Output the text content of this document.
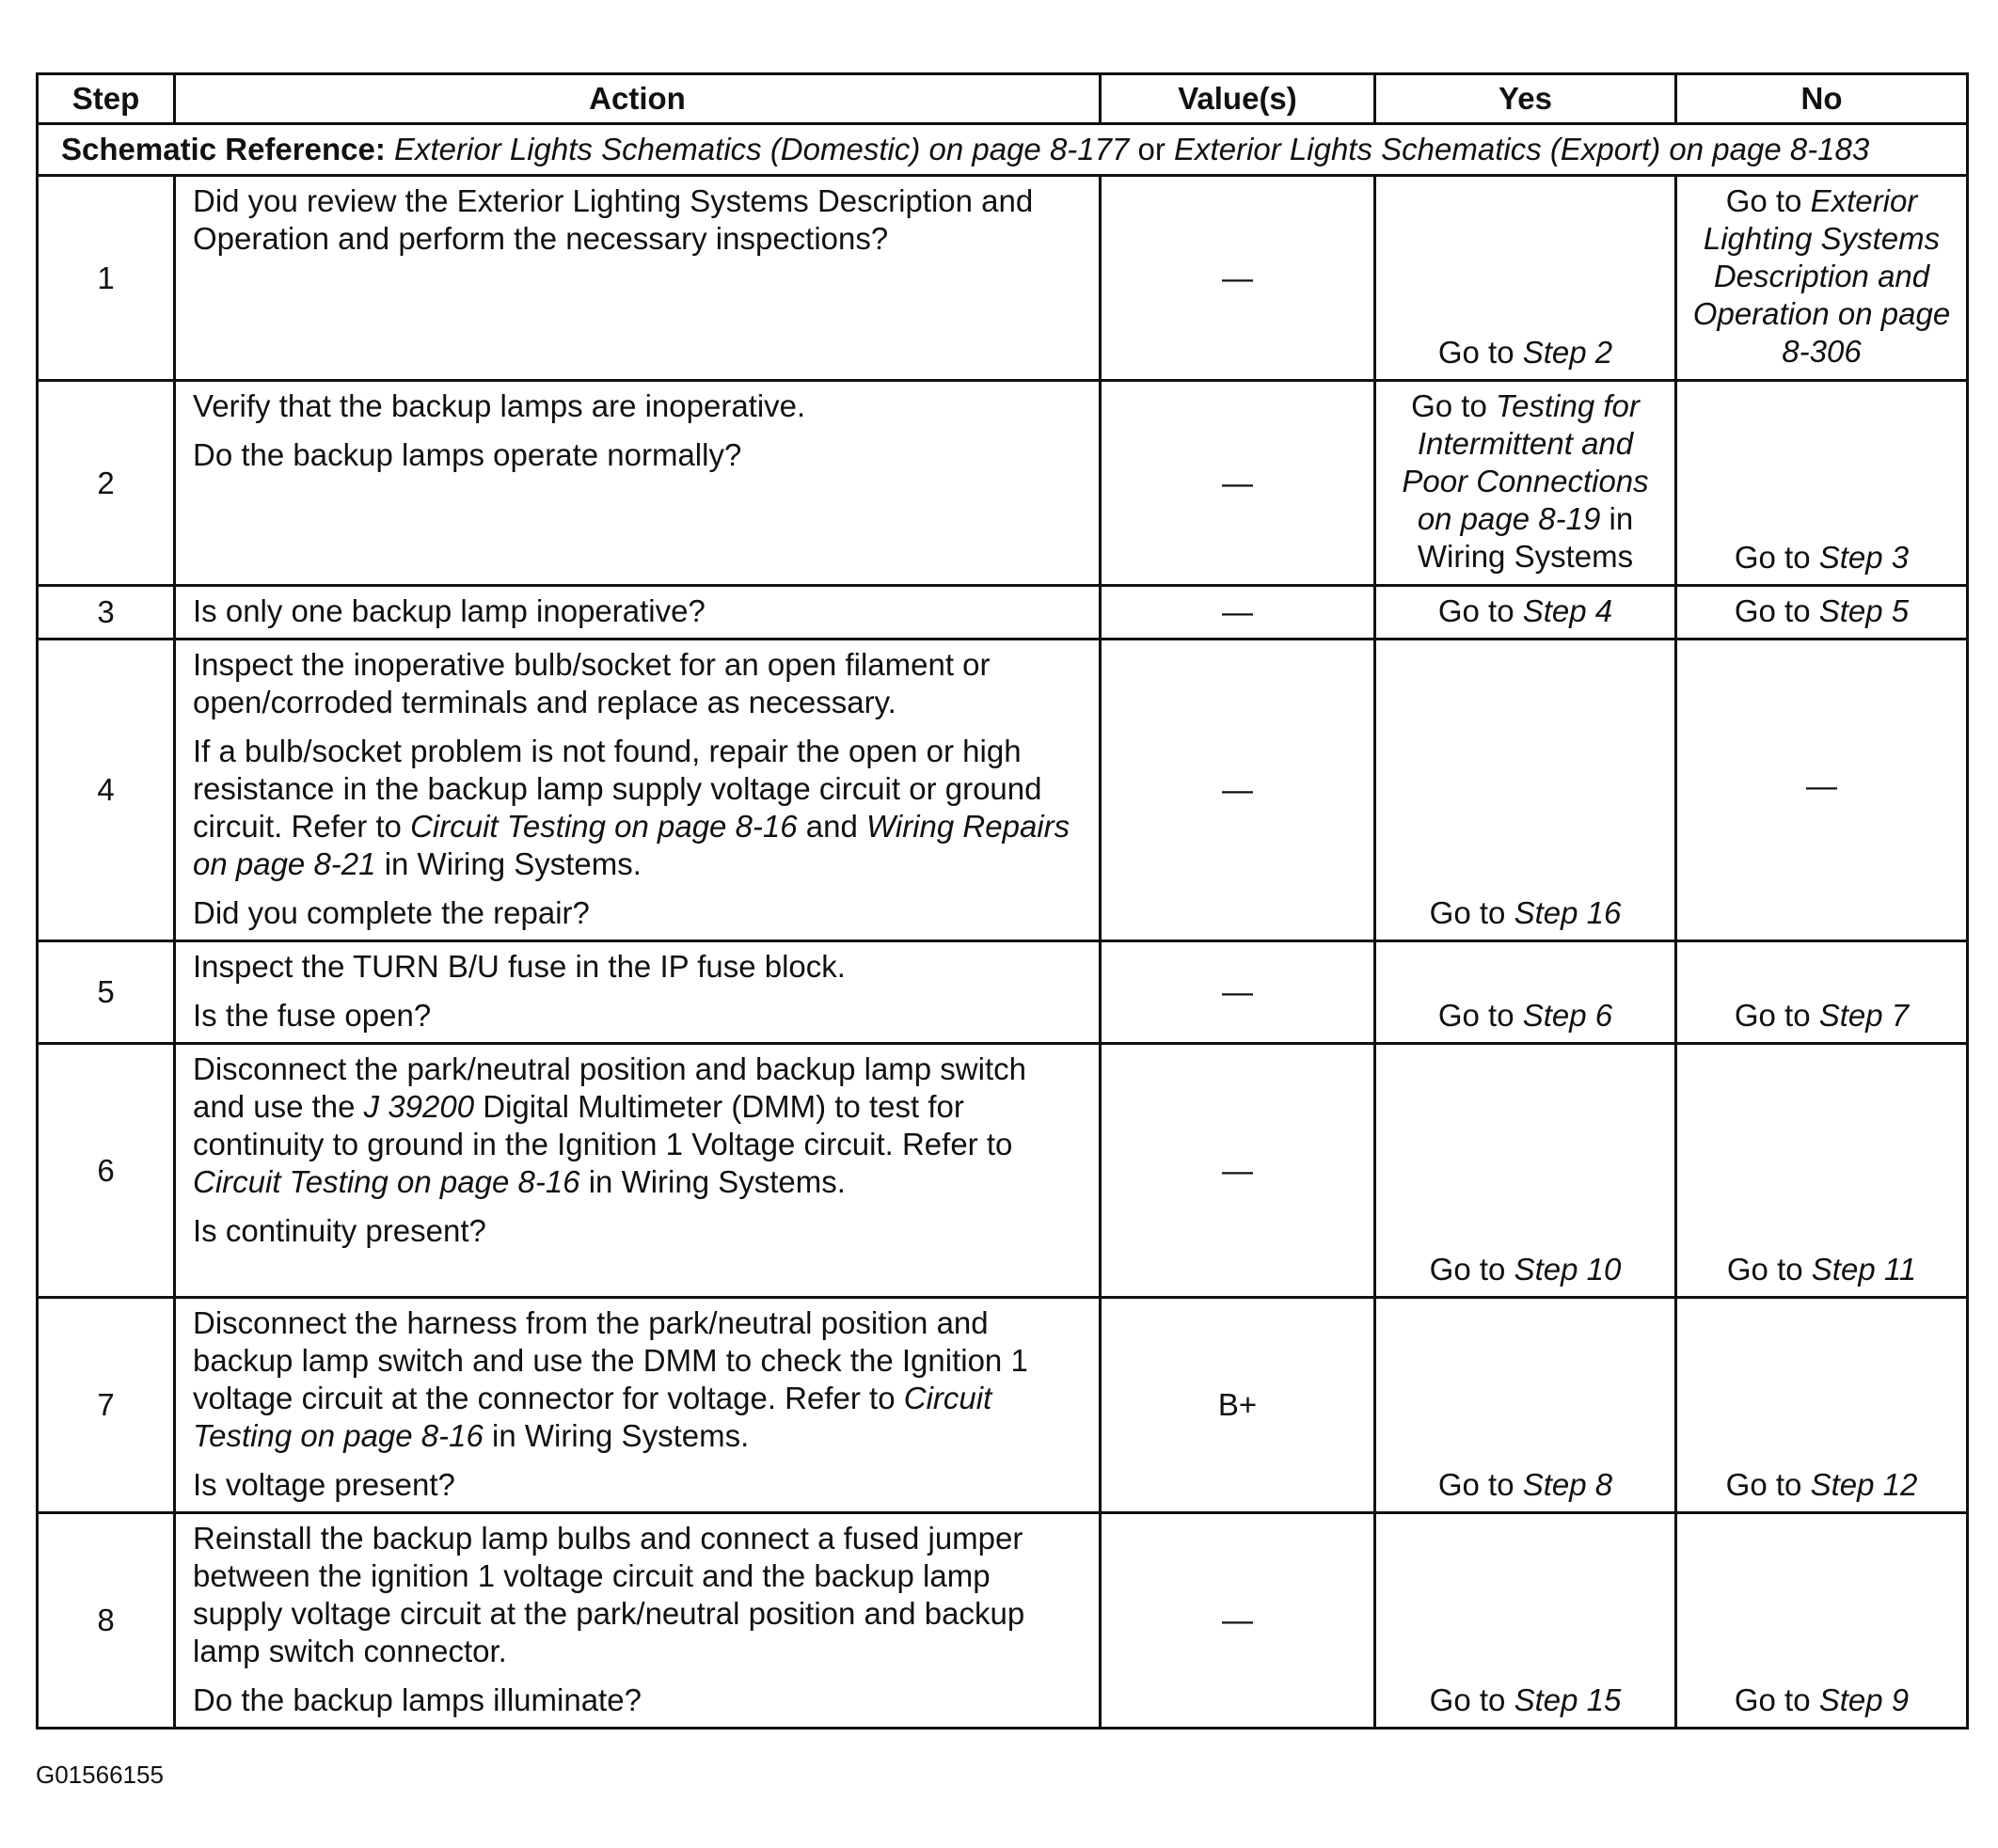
Step	Action	Value(s)	Yes	No
Schematic Reference: Exterior Lights Schematics (Domestic) on page 8-177 or Exterior Lights Schematics (Export) on page 8-183				
1	Did you review the Exterior Lighting Systems Description and Operation and perform the necessary inspections?	—	Go to Step 2	Go to Exterior Lighting Systems Description and Operation on page 8-306
2	Verify that the backup lamps are inoperative.

Do the backup lamps operate normally?	—	Go to Testing for Intermittent and Poor Connections on page 8-19 in Wiring Systems	Go to Step 3
3	Is only one backup lamp inoperative?	—	Go to Step 4	Go to Step 5
4	Inspect the inoperative bulb/socket for an open filament or open/corroded terminals and replace as necessary.

If a bulb/socket problem is not found, repair the open or high resistance in the backup lamp supply voltage circuit or ground circuit. Refer to Circuit Testing on page 8-16 and Wiring Repairs on page 8-21 in Wiring Systems.

Did you complete the repair?	—	Go to Step 16	—
5	Inspect the TURN B/U fuse in the IP fuse block.

Is the fuse open?	—	Go to Step 6	Go to Step 7
6	Disconnect the park/neutral position and backup lamp switch and use the J 39200 Digital Multimeter (DMM) to test for continuity to ground in the Ignition 1 Voltage circuit. Refer to Circuit Testing on page 8-16 in Wiring Systems.

Is continuity present?	—	Go to Step 10	Go to Step 11
7	Disconnect the harness from the park/neutral position and backup lamp switch and use the DMM to check the Ignition 1 voltage circuit at the connector for voltage. Refer to Circuit Testing on page 8-16 in Wiring Systems.

Is voltage present?	B+	Go to Step 8	Go to Step 12
8	Reinstall the backup lamp bulbs and connect a fused jumper between the ignition 1 voltage circuit and the backup lamp supply voltage circuit at the park/neutral position and backup lamp switch connector.

Do the backup lamps illuminate?	—	Go to Step 15	Go to Step 9
G01566155
